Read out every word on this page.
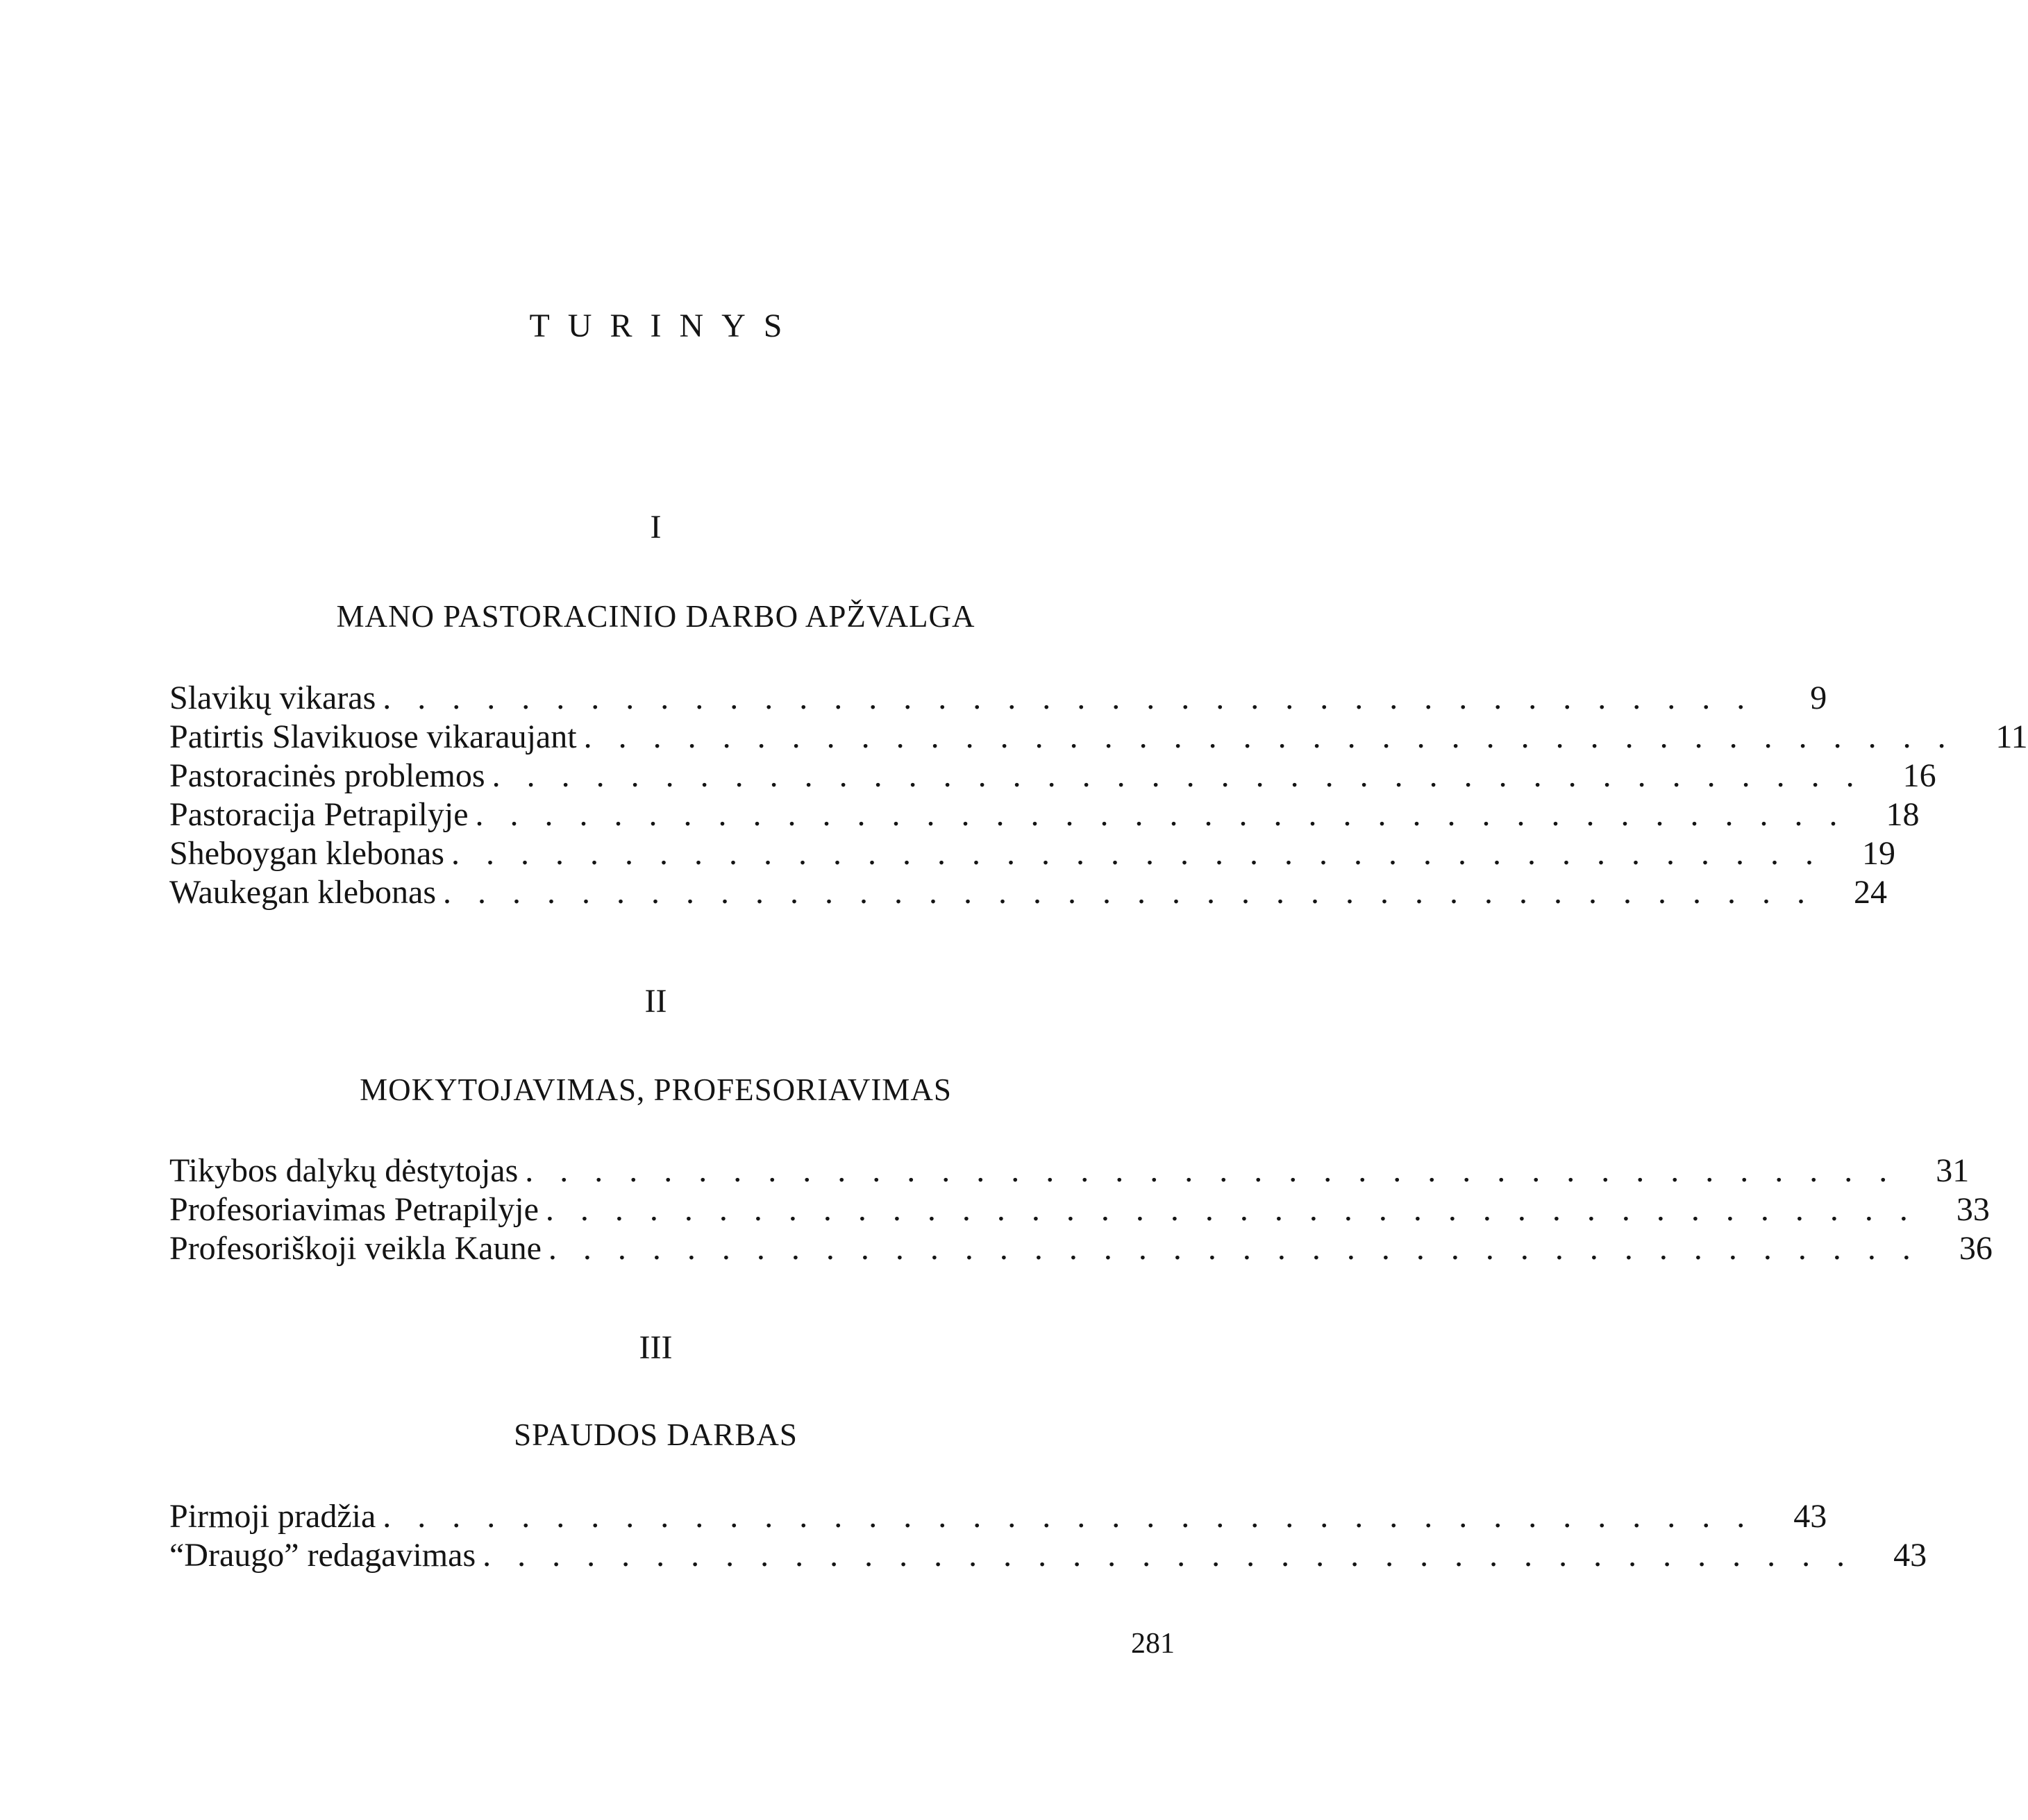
TURINYS
I
MANO PASTORACINIO DARBO APŽVALGA
Slavikų vikaras ........................................	9
Patirtis Slavikuose vikaraujant ........................................ 11
Pastoracinės problemos ........................................ 16
Pastoracija Petrapilyje ........................................ 18
Sheboygan klebonas ........................................ 19
Waukegan klebonas ........................................ 24
II
MOKYTOJAVIMAS, PROFESORIAVIMAS
Tikybos dalykų dėstytojas ........................................ 31
Profesoriavimas Petrapilyje ........................................ 33
Profesoriškoji veikla Kaune ........................................ 36
III
SPAUDOS DARBAS
Pirmoji pradžia ........................................ 43
“Draugo” redagavimas ........................................ 43
281
